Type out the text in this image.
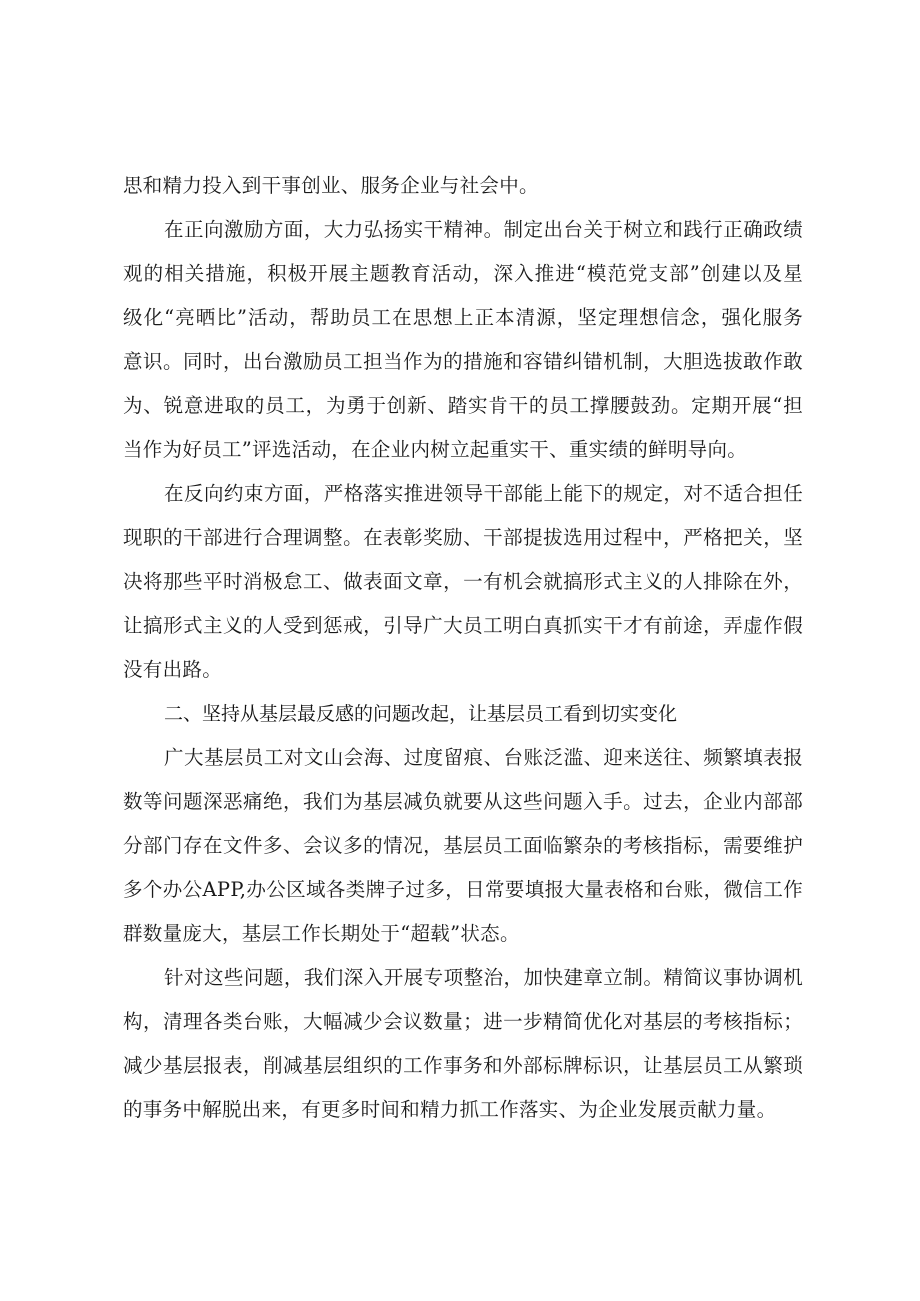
思和精力投入到干事创业、服务企业与社会中。
在正向激励方面，大力弘扬实干精神。制定出台关于树立和践行正确政绩
观的相关措施，积极开展主题教育活动，深入推进“模范党支部”创建以及星
级化“亮晒比”活动，帮助员工在思想上正本清源，坚定理想信念，强化服务
意识。同时，出台激励员工担当作为的措施和容错纠错机制，大胆选拔敢作敢
为、锐意进取的员工，为勇于创新、踏实肯干的员工撑腰鼓劲。定期开展“担
当作为好员工”评选活动，在企业内树立起重实干、重实绩的鲜明导向。
在反向约束方面，严格落实推进领导干部能上能下的规定，对不适合担任
现职的干部进行合理调整。在表彰奖励、干部提拔选用过程中，严格把关，坚
决将那些平时消极怠工、做表面文章，一有机会就搞形式主义的人排除在外，
让搞形式主义的人受到惩戒，引导广大员工明白真抓实干才有前途，弄虚作假
没有出路。
二、坚持从基层最反感的问题改起，让基层员工看到切实变化
广大基层员工对文山会海、过度留痕、台账泛滥、迎来送往、频繁填表报
数等问题深恶痛绝，我们为基层减负就要从这些问题入手。过去，企业内部部
分部门存在文件多、会议多的情况，基层员工面临繁杂的考核指标，需要维护
多个办公APP,办公区域各类牌子过多，日常要填报大量表格和台账，微信工作
群数量庞大，基层工作长期处于“超载”状态。
针对这些问题，我们深入开展专项整治，加快建章立制。精简议事协调机
构，清理各类台账，大幅减少会议数量；进一步精简优化对基层的考核指标；
减少基层报表，削减基层组织的工作事务和外部标牌标识，让基层员工从繁琐
的事务中解脱出来，有更多时间和精力抓工作落实、为企业发展贡献力量。
